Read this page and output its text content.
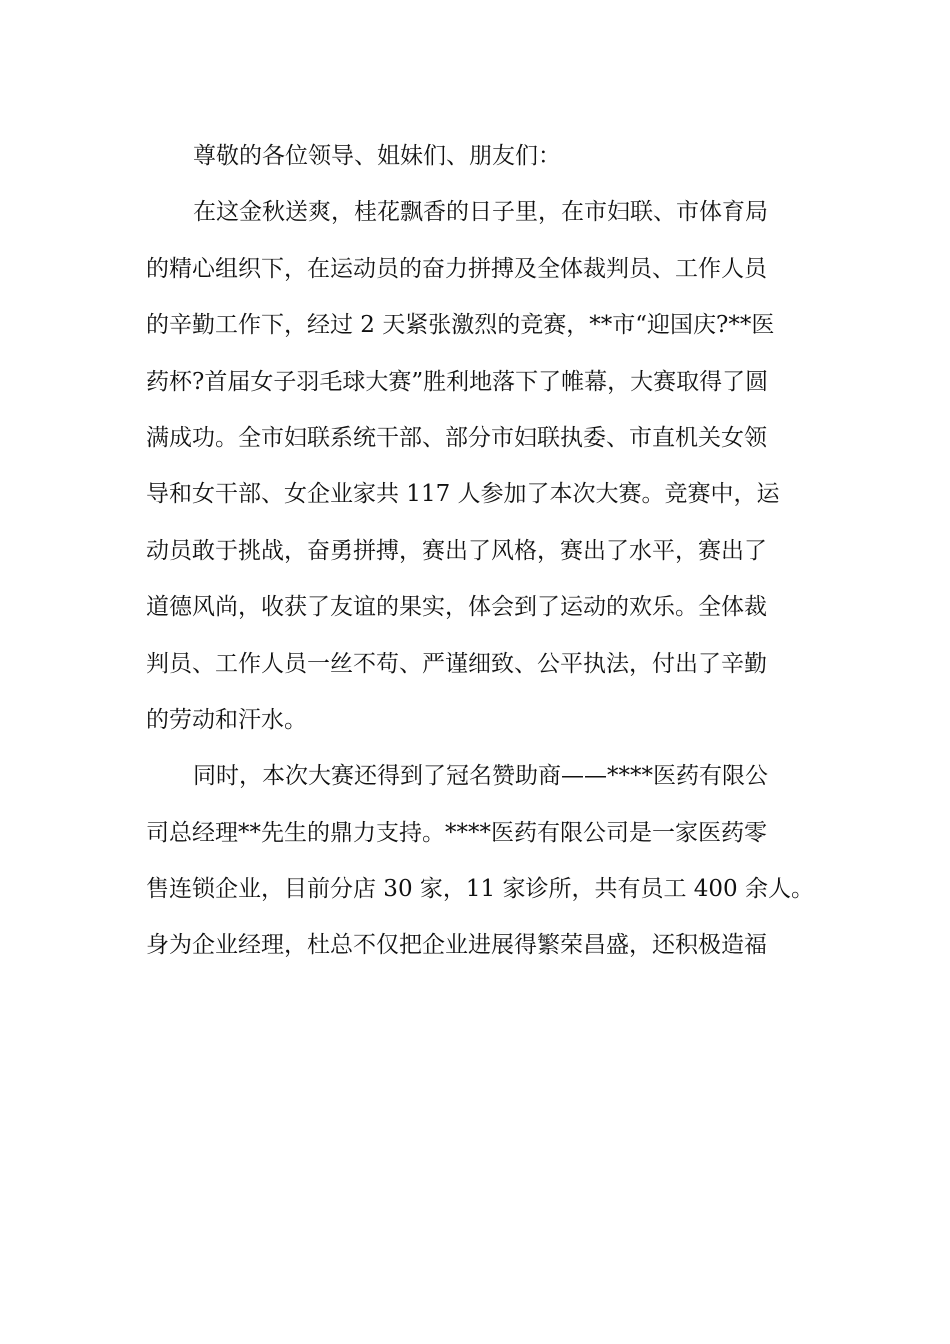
尊敬的各位领导、姐妹们、朋友们：
在这金秋送爽，桂花飘香的日子里，在市妇联、市体育局
的精心组织下，在运动员的奋力拼搏及全体裁判员、工作人员
的辛勤工作下，经过 2 天紧张激烈的竞赛，**市“迎国庆?**医
药杯?首届女子羽毛球大赛”胜利地落下了帷幕，大赛取得了圆
满成功。全市妇联系统干部、部分市妇联执委、市直机关女领
导和女干部、女企业家共 117 人参加了本次大赛。竞赛中，运
动员敢于挑战，奋勇拼搏，赛出了风格，赛出了水平，赛出了
道德风尚，收获了友谊的果实，体会到了运动的欢乐。全体裁
判员、工作人员一丝不苟、严谨细致、公平执法，付出了辛勤
的劳动和汗水。
同时，本次大赛还得到了冠名赞助商——****医药有限公
司总经理**先生的鼎力支持。****医药有限公司是一家医药零
售连锁企业，目前分店 30 家，11 家诊所，共有员工 400 余人。
身为企业经理，杜总不仅把企业进展得繁荣昌盛，还积极造福
